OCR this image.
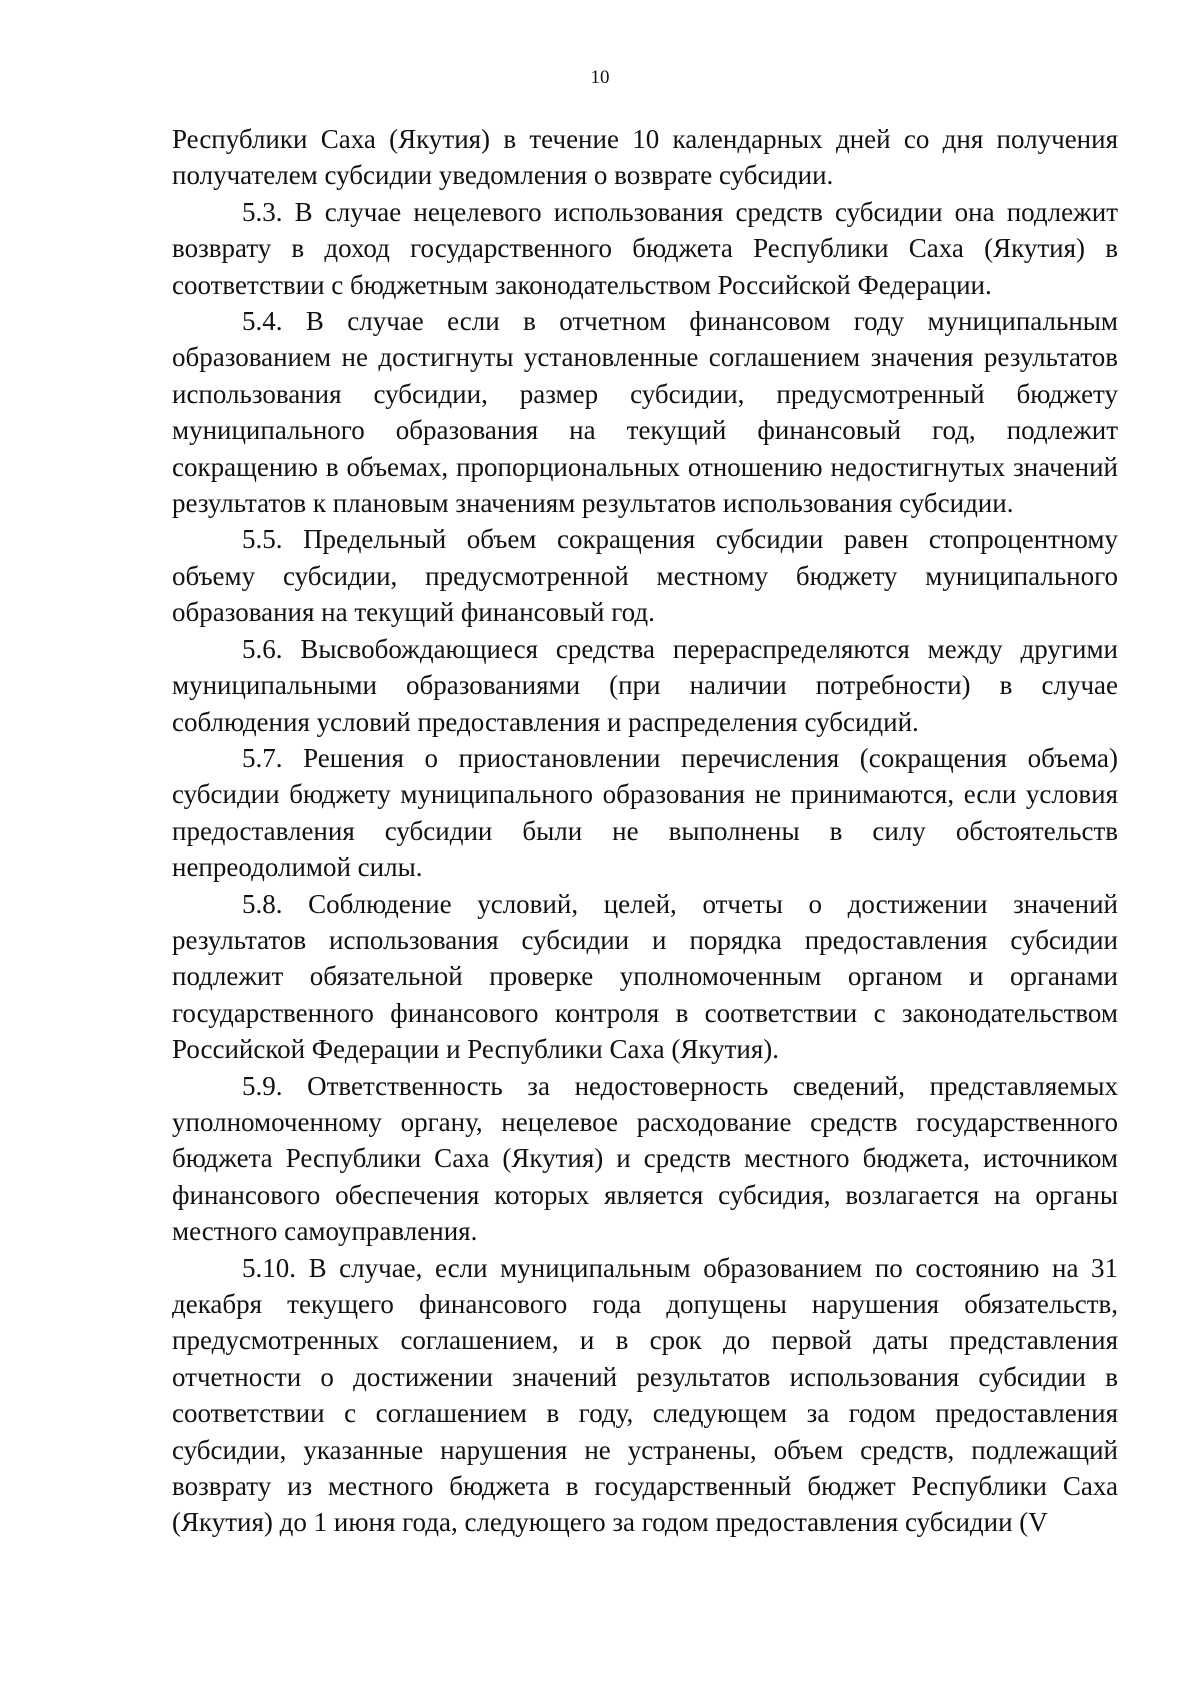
10

Республики Саха (Якутия) в течение 10 календарных дней со дня получения получателем субсидии уведомления о возврате субсидии.

5.3. В случае нецелевого использования средств субсидии она подлежит возврату в доход государственного бюджета Республики Саха (Якутия) в соответствии с бюджетным законодательством Российской Федерации.

5.4. В случае если в отчетном финансовом году муниципальным образованием не достигнуты установленные соглашением значения результатов использования субсидии, размер субсидии, предусмотренный бюджету муниципального образования на текущий финансовый год, подлежит сокращению в объемах, пропорциональных отношению недостигнутых значений результатов к плановым значениям результатов использования субсидии.

5.5. Предельный объем сокращения субсидии равен стопроцентному объему субсидии, предусмотренной местному бюджету муниципального образования на текущий финансовый год.

5.6. Высвобождающиеся средства перераспределяются между другими муниципальными образованиями (при наличии потребности) в случае соблюдения условий предоставления и распределения субсидий.

5.7. Решения о приостановлении перечисления (сокращения объема) субсидии бюджету муниципального образования не принимаются, если условия предоставления субсидии были не выполнены в силу обстоятельств непреодолимой силы.

5.8. Соблюдение условий, целей, отчеты о достижении значений результатов использования субсидии и порядка предоставления субсидии подлежит обязательной проверке уполномоченным органом и органами государственного финансового контроля в соответствии с законодательством Российской Федерации и Республики Саха (Якутия).

5.9. Ответственность за недостоверность сведений, представляемых уполномоченному органу, нецелевое расходование средств государственного бюджета Республики Саха (Якутия) и средств местного бюджета, источником финансового обеспечения которых является субсидия, возлагается на органы местного самоуправления.

5.10. В случае, если муниципальным образованием по состоянию на 31 декабря текущего финансового года допущены нарушения обязательств, предусмотренных соглашением, и в срок до первой даты представления отчетности о достижении значений результатов использования субсидии в соответствии с соглашением в году, следующем за годом предоставления субсидии, указанные нарушения не устранены, объем средств, подлежащий возврату из местного бюджета в государственный бюджет Республики Саха (Якутия) до 1 июня года, следующего за годом предоставления субсидии (V
